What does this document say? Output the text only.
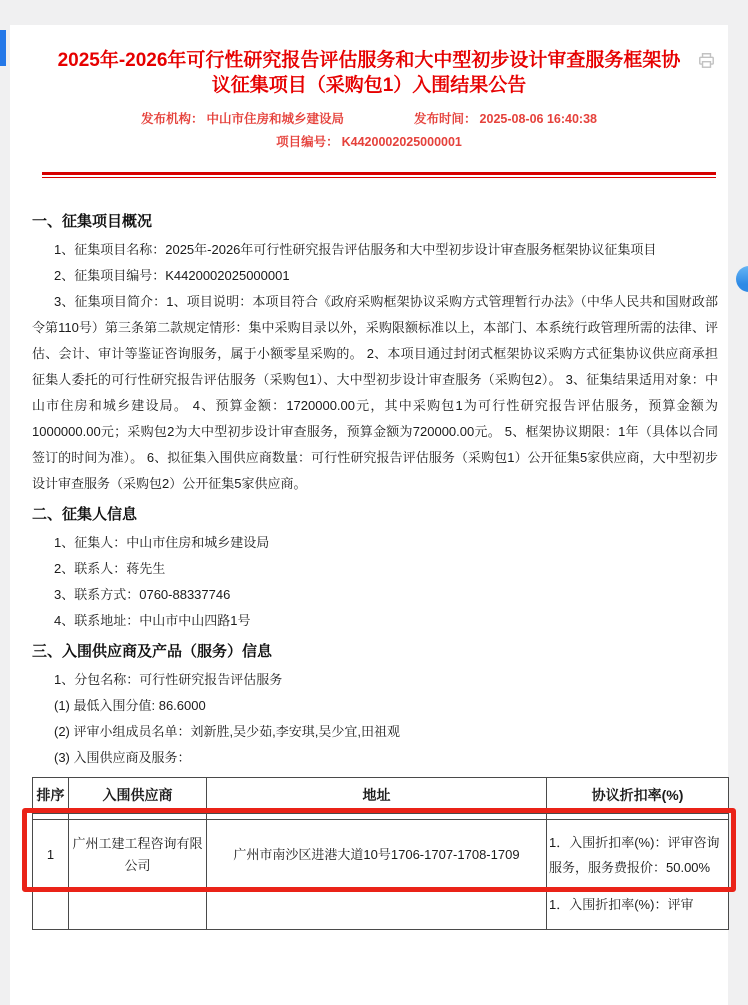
2025年-2026年可行性研究报告评估服务和大中型初步设计审查服务框架协议征集项目（采购包1）入围结果公告
发布机构： 中山市住房和城乡建设局	发布时间： 2025-08-06 16:40:38
项目编号： K4420002025000001
一、征集项目概况

1、征集项目名称：2025年-2026年可行性研究报告评估服务和大中型初步设计审查服务框架协议征集项目

2、征集项目编号：K4420002025000001

3、征集项目简介：1、项目说明：本项目符合《政府采购框架协议采购方式管理暂行办法》（中华人民共和国财政部令第110号）第三条第二款规定情形：集中采购目录以外，采购限额标准以上，本部门、本系统行政管理所需的法律、评估、会计、审计等鉴证咨询服务，属于小额零星采购的。 2、本项目通过封闭式框架协议采购方式征集协议供应商承担征集人委托的可行性研究报告评估服务（采购包1）、大中型初步设计审查服务（采购包2）。 3、征集结果适用对象：中山市住房和城乡建设局。 4、预算金额：1720000.00元，其中采购包1为可行性研究报告评估服务，预算金额为1000000.00元；采购包2为大中型初步设计审查服务，预算金额为720000.00元。 5、框架协议期限：1年（具体以合同签订的时间为准）。 6、拟征集入围供应商数量：可行性研究报告评估服务（采购包1）公开征集5家供应商，大中型初步设计审查服务（采购包2）公开征集5家供应商。

二、征集人信息

1、征集人：中山市住房和城乡建设局

2、联系人：蒋先生

3、联系方式：0760-88337746

4、联系地址：中山市中山四路1号

三、入围供应商及产品（服务）信息

1、分包名称：可行性研究报告评估服务

(1) 最低入围分值: 86.6000

(2) 评审小组成员名单：刘新胜,吴少茹,李安琪,吴少宜,田祖观

(3) 入围供应商及服务：

排序	入围供应商	地址	协议折扣率(%)

1	广州工建工程咨询有限公司	广州市南沙区进港大道10号1706-1707-1708-1709	1．入围折扣率(%)：评审咨询服务，服务费报价：50.00%
			1．入围折扣率(%)：评审
